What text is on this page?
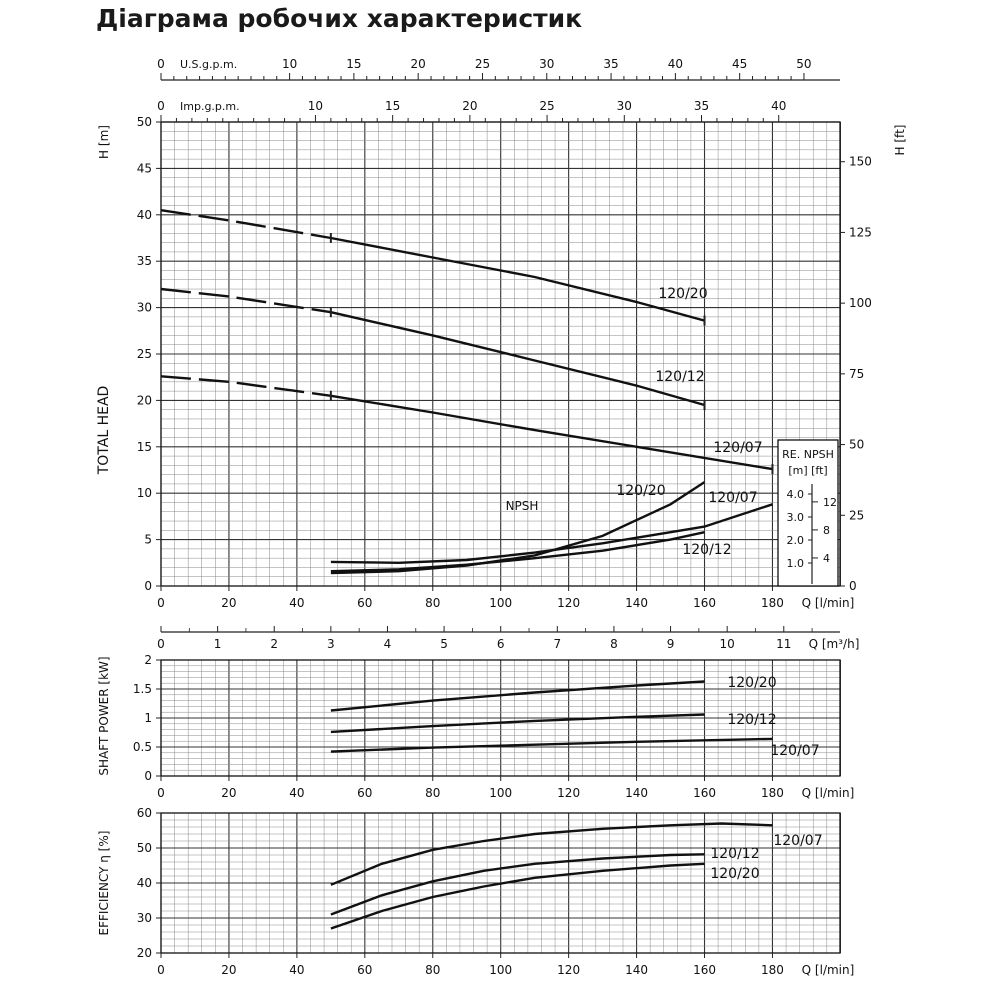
Діаграма робочих характеристик
0
5
10
15
20
25
30
35
40
45
50
0	20	40	60	80	100	120	140	160	180 Q [l/min]
H [m]
TOTAL HEAD
H [ft]
0
25
50
75
100
125
150
0	10	15	20	25	30	35	40	45	50
U.S.g.p.m.
0	10	15	20	25	30	35	40
Imp.g.p.m.
120/20
120/12
120/07
NPSH
120/20	120/07
120/12
RE. NPSH
[m] [ft]
1.0
2.0
3.0
4.0
4
8
12
0	1	2	3	4	5	6	7	8	9	10	11 Q [m³/h]
0
0.5
1
1.5
2
0	20	40	60	80	100	120	140	160	180 Q [l/min]
SHAFT POWER [kW]	120/20
120/12
120/07
20
30
40
50
60
0	20	40	60	80	100	120	140	160	180 Q [l/min]
EFFICIENCY η [%]	120/07
120/12
120/20
